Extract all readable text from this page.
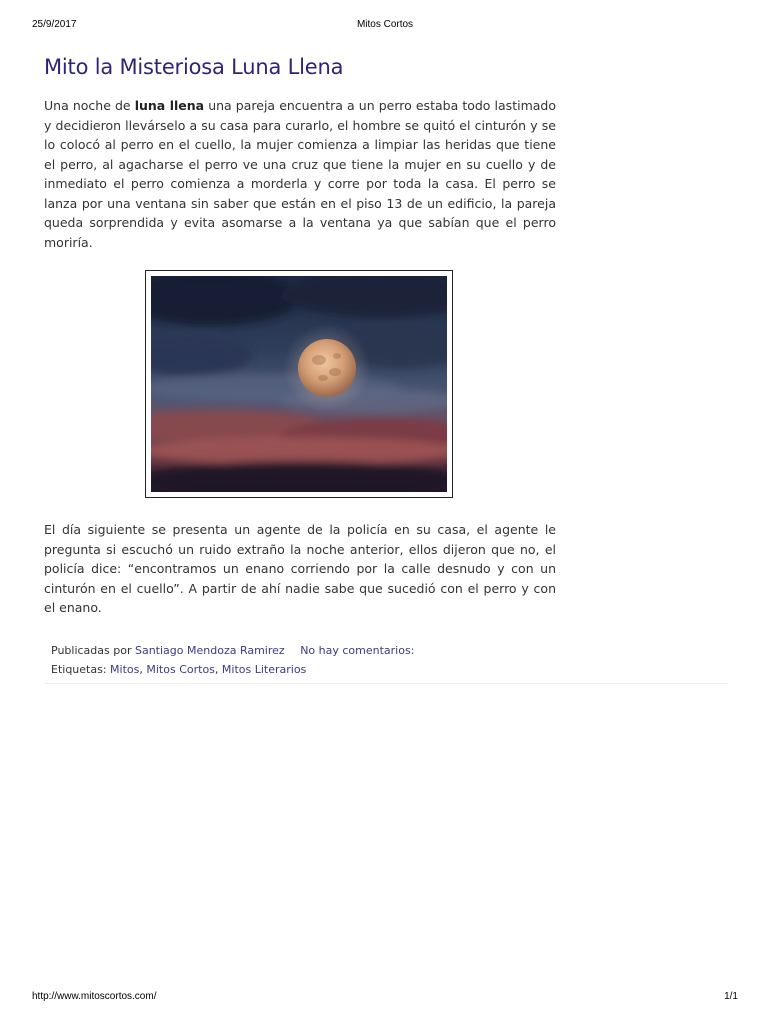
25/9/2017	Mitos Cortos
Mito la Misteriosa Luna Llena

Una noche de luna llena una pareja encuentra a un perro estaba todo lastimado y decidieron llevárselo a su casa para curarlo, el hombre se quitó el cinturón y se lo colocó al perro en el cuello, la mujer comienza a limpiar las heridas que tiene el perro, al agacharse el perro ve una cruz que tiene la mujer en su cuello y de inmediato el perro comienza a morderla y corre por toda la casa. El perro se lanza por una ventana sin saber que están en el piso 13 de un edificio, la pareja queda sorprendida y evita asomarse a la ventana ya que sabían que el perro moriría.

El día siguiente se presenta un agente de la policía en su casa, el agente le pregunta si escuchó un ruido extraño la noche anterior, ellos dijeron que no, el policía dice: “encontramos un enano corriendo por la calle desnudo y con un cinturón en el cuello”. A partir de ahí nadie sabe que sucedió con el perro y con el enano.

Publicadas por Santiago Mendoza Ramirez No hay comentarios:
Etiquetas: Mitos, Mitos Cortos, Mitos Literarios
http://www.mitoscortos.com/	1/1
